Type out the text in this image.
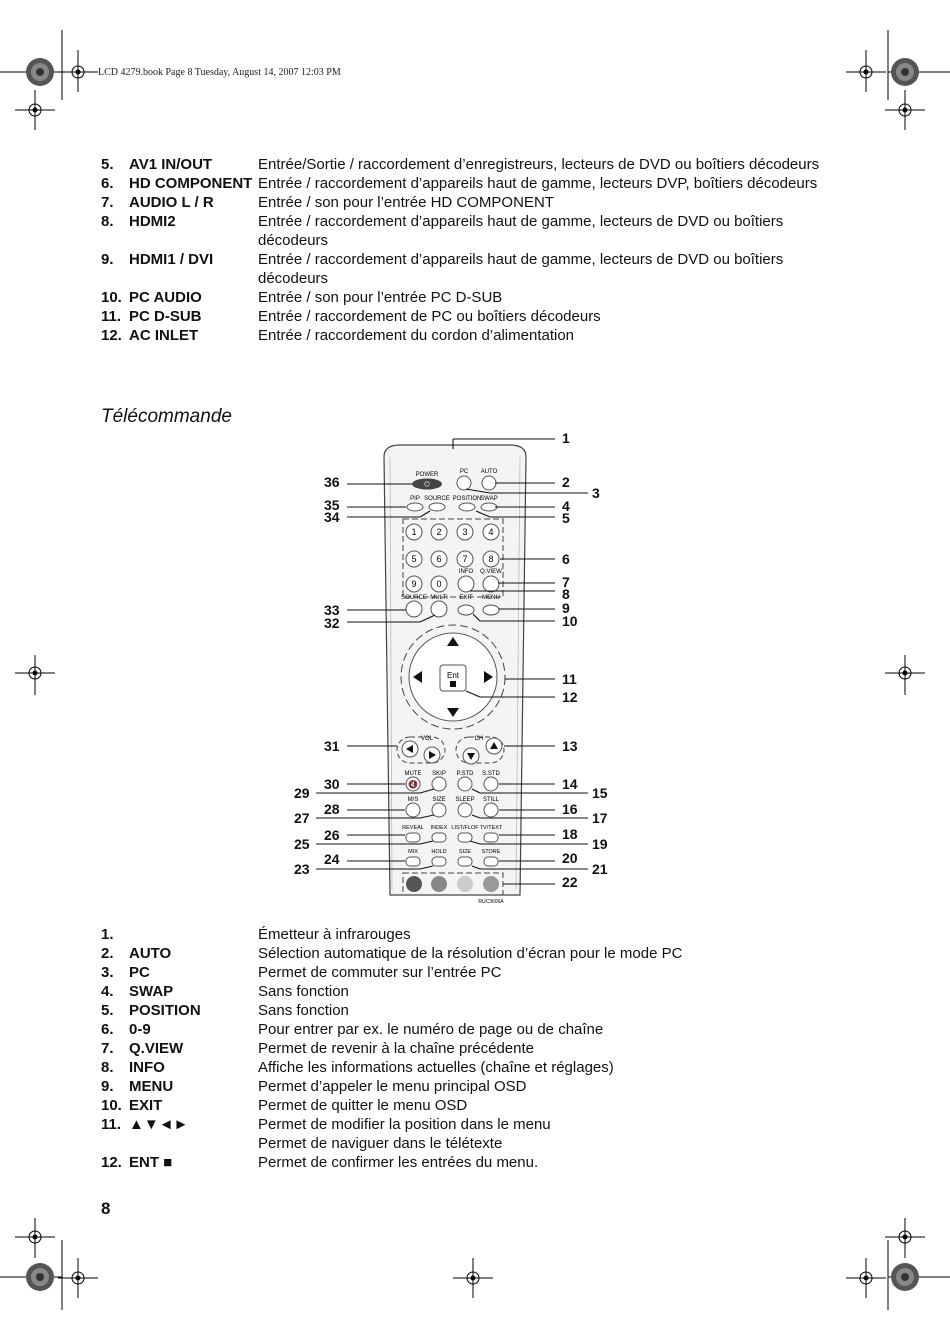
LCD 4279.book Page 8 Tuesday, August 14, 2007 12:03 PM
5.	AV1 IN/OUT	Entrée/Sortie / raccordement d’enregistreurs, lecteurs de DVD ou boîtiers décodeurs
6.	HD COMPONENT Entrée / raccordement d’appareils haut de gamme, lecteurs DVP, boîtiers décodeurs
7.	AUDIO L / R	Entrée / son pour l’entrée HD COMPONENT
8.	HDMI2	Entrée / raccordement d’appareils haut de gamme, lecteurs de DVD ou boîtiers décodeurs
9.	HDMI1 / DVI	Entrée / raccordement d’appareils haut de gamme, lecteurs de DVD ou boîtiers décodeurs
10. PC AUDIO	Entrée / son pour l’entrée PC D-SUB
11. PC D-SUB	Entrée / raccordement de PC ou boîtiers décodeurs
12. AC INLET	Entrée / raccordement du cordon d’alimentation
Télécommande
POWER
⏻
PC AUTO
PIP SOURCE POSITION
SWAP
1 2 3 4
5 6 7 8
9 0
INFO Q.VIEW
SOURCE MULTI EXIT MENU
Ent
VOL	CH
MUTE
🔇
SKIP P.STD S.STD
M/S SIZE SLEEP STILL
REVEAL INDEX LIST/FLOF TV/TEXT
MIX HOLD SIZE STORE
RUC3606A
1
2
3
4
5
6
7
8
9
10
11
12
13
14
15
16
17
18
19
20
21
22
23
24
25
26
27
28
29
30
31
32
33
34
35
36
1.	Émetteur à infrarouges
2.	AUTO	Sélection automatique de la résolution d’écran pour le mode PC
3.	PC	Permet de commuter sur l’entrée PC
4.	SWAP	Sans fonction
5.	POSITION	Sans fonction
6.	0-9	Pour entrer par ex. le numéro de page ou de chaîne
7.	Q.VIEW	Permet de revenir à la chaîne précédente
8.	INFO	Affiche les informations actuelles (chaîne et réglages)
9.	MENU	Permet d’appeler le menu principal OSD
10. EXIT	Permet de quitter le menu OSD
11. ▲▼◄►	Permet de modifier la position dans le menu
Permet de naviguer dans le télétexte
12. ENT ■	Permet de confirmer les entrées du menu.
8
